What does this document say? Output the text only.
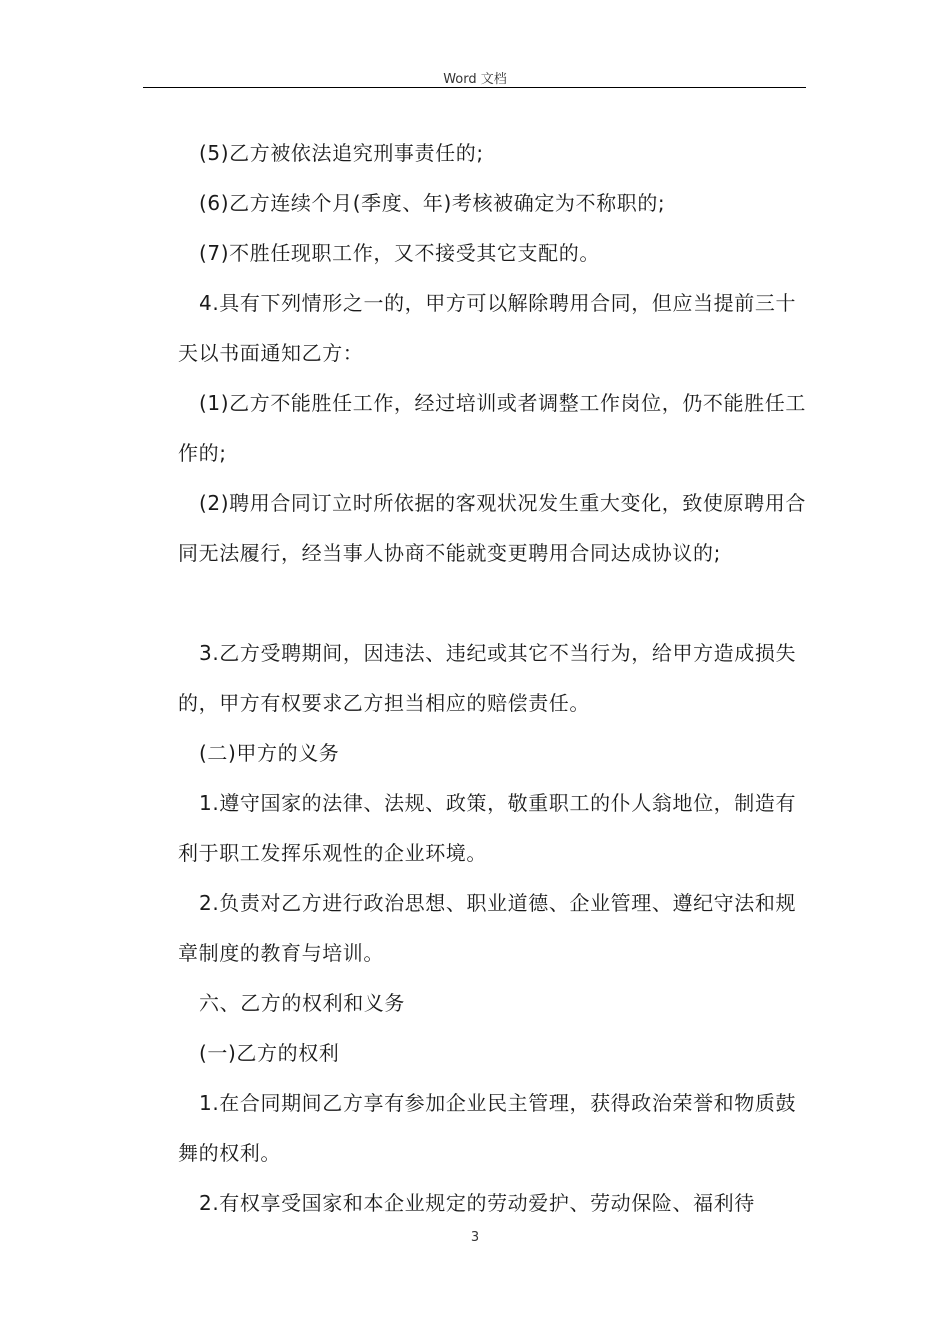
Word 文档

(5)乙方被依法追究刑事责任的;

(6)乙方连续个月(季度、年)考核被确定为不称职的;

(7)不胜任现职工作，又不接受其它支配的。

4.具有下列情形之一的，甲方可以解除聘用合同，但应当提前三十天以书面通知乙方：

(1)乙方不能胜任工作，经过培训或者调整工作岗位，仍不能胜任工作的;

(2)聘用合同订立时所依据的客观状况发生重大变化，致使原聘用合同无法履行，经当事人协商不能就变更聘用合同达成协议的;

3.乙方受聘期间，因违法、违纪或其它不当行为，给甲方造成损失的，甲方有权要求乙方担当相应的赔偿责任。

(二)甲方的义务

1.遵守国家的法律、法规、政策，敬重职工的仆人翁地位，制造有利于职工发挥乐观性的企业环境。

2.负责对乙方进行政治思想、职业道德、企业管理、遵纪守法和规章制度的教育与培训。

六、乙方的权利和义务

(一)乙方的权利

1.在合同期间乙方享有参加企业民主管理，获得政治荣誉和物质鼓舞的权利。

2.有权享受国家和本企业规定的劳动爱护、劳动保险、福利待

3
